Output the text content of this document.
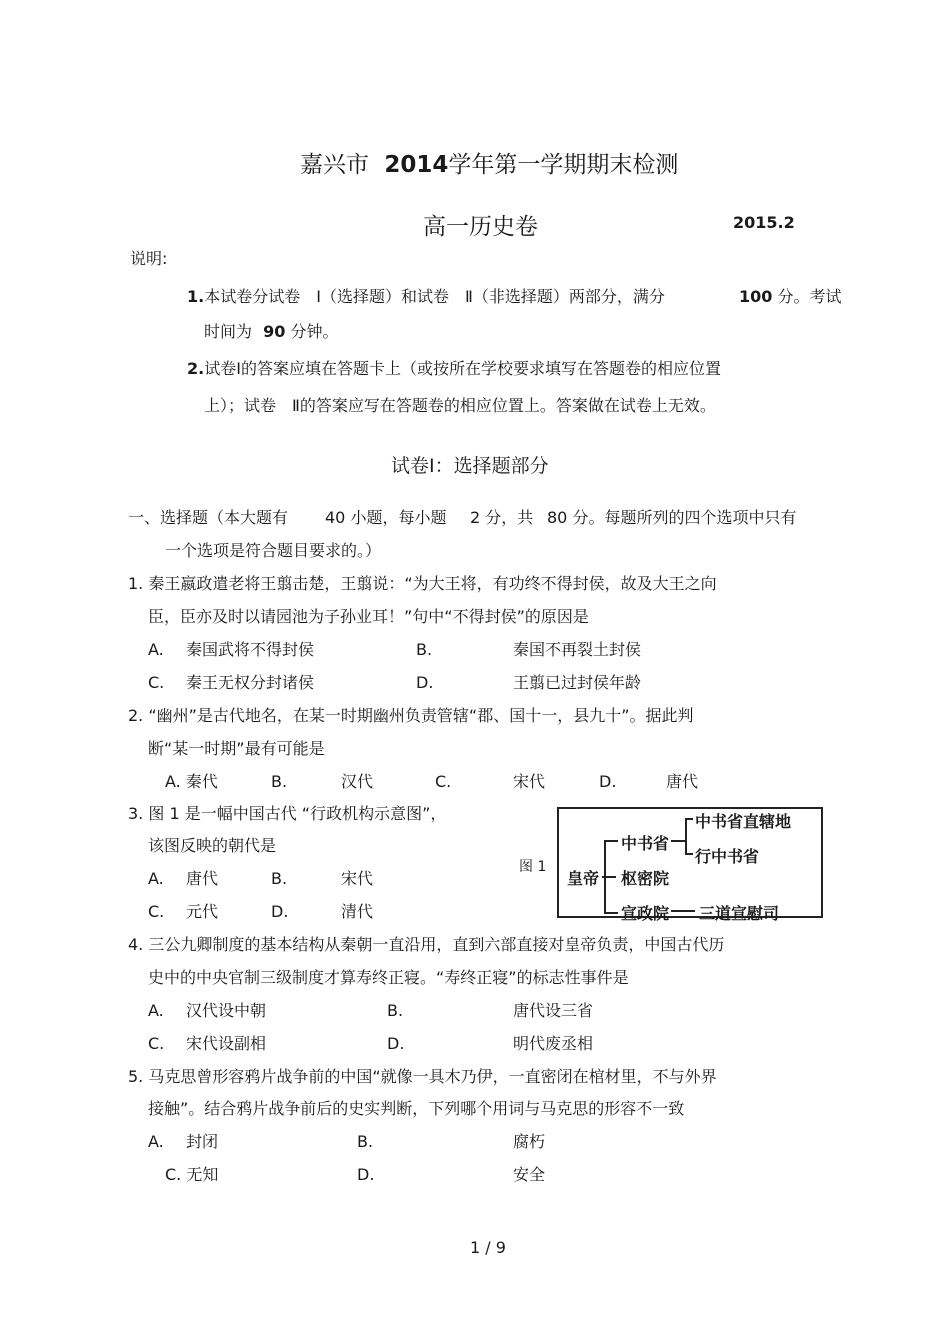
嘉兴市 2014学年第一学期期末检测
高一历史卷	2015.2
说明:
1.本试卷分试卷　Ⅰ（选择题）和试卷　Ⅱ（非选择题）两部分，满分	100 分。考试
时间为 90 分钟。
2.试卷Ⅰ的答案应填在答题卡上（或按所在学校要求填写在答题卷的相应位置
上）；试卷　Ⅱ的答案应写在答题卷的相应位置上。答案做在试卷上无效。
试卷Ⅰ：选择题部分
一、选择题（本大题有 40 小题，每小题 2 分，共 80 分。每题所列的四个选项中只有
一个选项是符合题目要求的。）
1. 秦王嬴政遣老将王翦击楚，王翦说：“为大王将，有功终不得封侯，故及大王之向
臣，臣亦及时以请园池为子孙业耳！”句中“不得封侯”的原因是
A. 秦国武将不得封侯	B.	秦国不再裂土封侯
C. 秦王无权分封诸侯	D.	王翦已过封侯年龄
2. “幽州”是古代地名，在某一时期幽州负责管辖“郡、国十一，县九十”。据此判
断“某一时期”最有可能是
A. 秦代	B.	汉代	C.	宋代	D.	唐代
3. 图 1 是一幅中国古代 “行政机构示意图”，
该图反映的朝代是
A. 唐代	B.	宋代
C. 元代	D.	清代
图 1
皇帝
中书省
枢密院
宣政院 三道宣慰司
中书省直辖地
行中书省
4. 三公九卿制度的基本结构从秦朝一直沿用，直到六部直接对皇帝负责，中国古代历
史中的中央官制三级制度才算寿终正寝。“寿终正寝”的标志性事件是
A. 汉代设中朝	B.	唐代设三省
C. 宋代设副相	D.	明代废丞相
5. 马克思曾形容鸦片战争前的中国“就像一具木乃伊，一直密闭在棺材里，不与外界
接触”。结合鸦片战争前后的史实判断，下列哪个用词与马克思的形容不一致
A. 封闭	B.	腐朽
C. 无知	D.	安全
1 / 9
